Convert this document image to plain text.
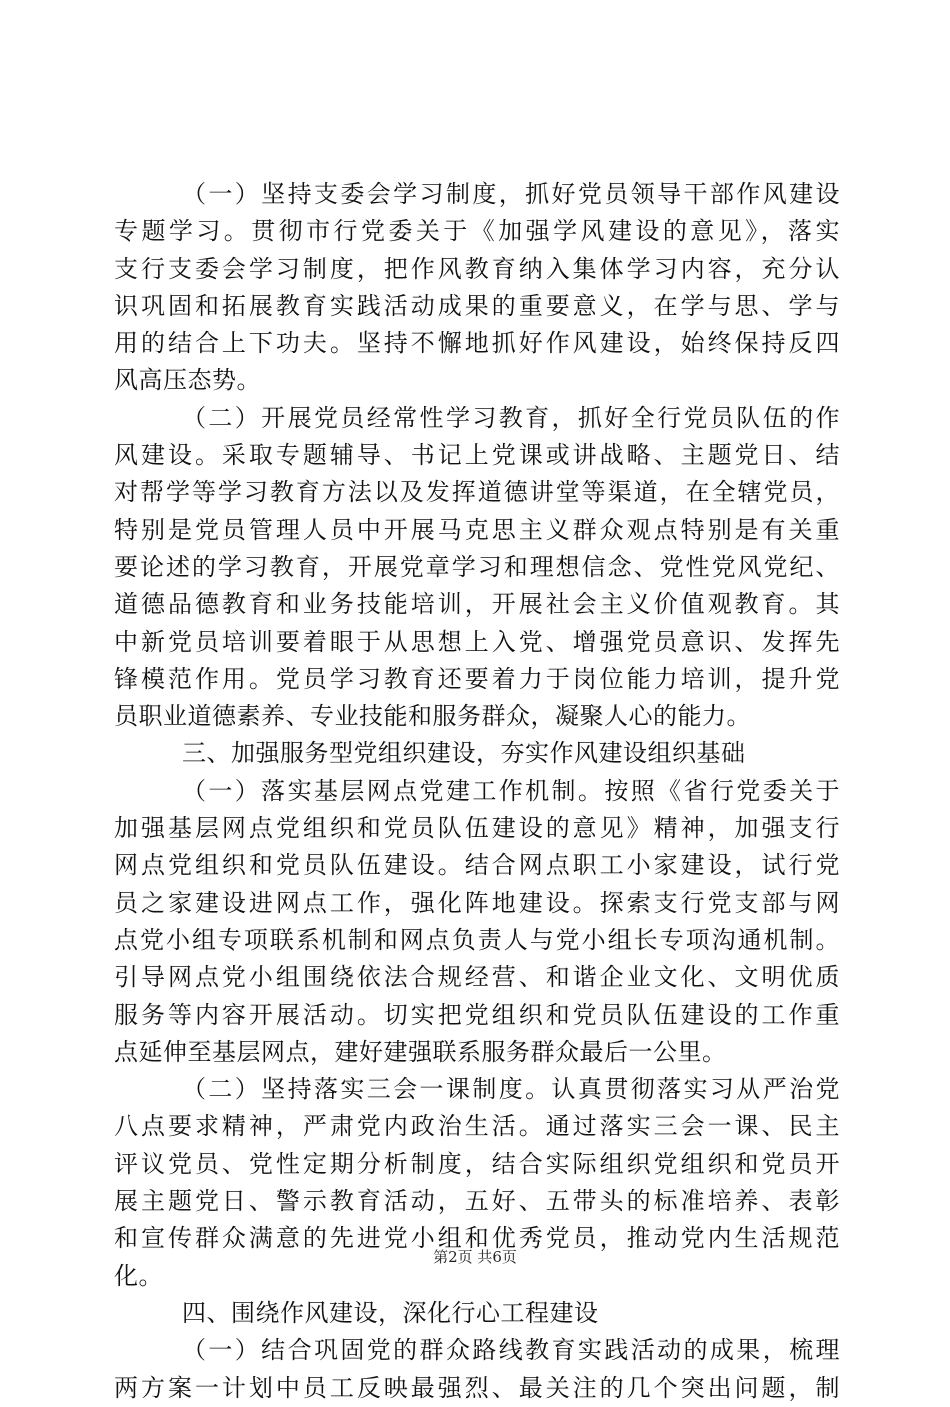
（一）坚持支委会学习制度，抓好党员领导干部作风建设
专题学习。贯彻市行党委关于《加强学风建设的意见》，落实
支行支委会学习制度，把作风教育纳入集体学习内容，充分认
识巩固和拓展教育实践活动成果的重要意义，在学与思、学与
用的结合上下功夫。坚持不懈地抓好作风建设，始终保持反四
风高压态势。
（二）开展党员经常性学习教育，抓好全行党员队伍的作
风建设。采取专题辅导、书记上党课或讲战略、主题党日、结
对帮学等学习教育方法以及发挥道德讲堂等渠道，在全辖党员，
特别是党员管理人员中开展马克思主义群众观点特别是有关重
要论述的学习教育，开展党章学习和理想信念、党性党风党纪、
道德品德教育和业务技能培训，开展社会主义价值观教育。其
中新党员培训要着眼于从思想上入党、增强党员意识、发挥先
锋模范作用。党员学习教育还要着力于岗位能力培训，提升党
员职业道德素养、专业技能和服务群众，凝聚人心的能力。
三、加强服务型党组织建设，夯实作风建设组织基础
（一）落实基层网点党建工作机制。按照《省行党委关于
加强基层网点党组织和党员队伍建设的意见》精神，加强支行
网点党组织和党员队伍建设。结合网点职工小家建设，试行党
员之家建设进网点工作，强化阵地建设。探索支行党支部与网
点党小组专项联系机制和网点负责人与党小组长专项沟通机制。
引导网点党小组围绕依法合规经营、和谐企业文化、文明优质
服务等内容开展活动。切实把党组织和党员队伍建设的工作重
点延伸至基层网点，建好建强联系服务群众最后一公里。
（二）坚持落实三会一课制度。认真贯彻落实习从严治党
八点要求精神，严肃党内政治生活。通过落实三会一课、民主
评议党员、党性定期分析制度，结合实际组织党组织和党员开
展主题党日、警示教育活动，五好、五带头的标准培养、表彰
和宣传群众满意的先进党小组和优秀党员，推动党内生活规范
化。
四、围绕作风建设，深化行心工程建设
（一）结合巩固党的群众路线教育实践活动的成果，梳理
两方案一计划中员工反映最强烈、最关注的几个突出问题，制
第2页 共6页
